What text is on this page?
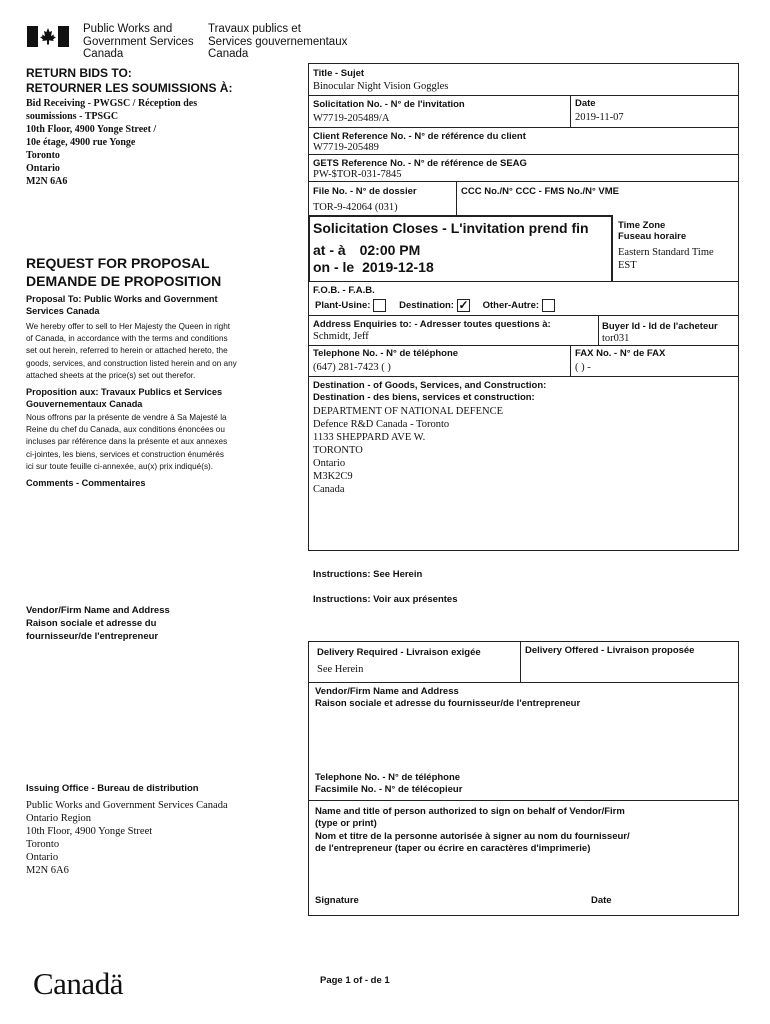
Public Works and
Government Services
Canada
Travaux publics et
Services gouvernementaux
Canada
RETURN BIDS TO:
RETOURNER LES SOUMISSIONS À:
Bid Receiving - PWGSC / Réception des
soumissions - TPSGC
10th Floor, 4900 Yonge Street /
10e étage, 4900 rue Yonge
Toronto
Ontario
M2N 6A6
REQUEST FOR PROPOSAL
DEMANDE DE PROPOSITION
Proposal To: Public Works and Government Services Canada
We hereby offer to sell to Her Majesty the Queen in right
of Canada, in accordance with the terms and conditions
set out herein, referred to herein or attached hereto, the
goods, services, and construction listed herein and on any
attached sheets at the price(s) set out therefor.
Proposition aux: Travaux Publics et Services Gouvernementaux Canada
Nous offrons par la présente de vendre à Sa Majesté la
Reine du chef du Canada, aux conditions énoncées ou
incluses par référence dans la présente et aux annexes
ci-jointes, les biens, services et construction énumérés
ici sur toute feuille ci-annexée, au(x) prix indiqué(s).
Comments - Commentaires
Vendor/Firm Name and Address
Raison sociale et adresse du
fournisseur/de l'entrepreneur
Issuing Office - Bureau de distribution
Public Works and Government Services Canada
Ontario Region
10th Floor, 4900 Yonge Street
Toronto
Ontario
M2N 6A6
Title - Sujet
Binocular Night Vision Goggles
Solicitation No. - N° de l'invitation
W7719-205489/A
Date
2019-11-07
Client Reference No. - N° de référence du client
W7719-205489
GETS Reference No. - N° de référence de SEAG
PW-$TOR-031-7845
File No. - N° de dossier
TOR-9-42064 (031)
CCC No./N° CCC - FMS No./N° VME
Solicitation Closes - L'invitation prend fin
at - à 02:00 PM
on - le 2019-12-18
Time Zone
Fuseau horaire
Eastern Standard Time
EST
F.O.B. - F.A.B.
Plant-Usine:	Destination: ✓ Other-Autre:
Address Enquiries to: - Adresser toutes questions à:
Schmidt, Jeff
Buyer Id - Id de l'acheteur
tor031
Telephone No. - N° de téléphone
(647) 281-7423 ( )
FAX No. - N° de FAX
( ) -
Destination - of Goods, Services, and Construction:
Destination - des biens, services et construction:
DEPARTMENT OF NATIONAL DEFENCE
Defence R&D Canada - Toronto
1133 SHEPPARD AVE W.
TORONTO
Ontario
M3K2C9
Canada
Instructions: See Herein
Instructions: Voir aux présentes
Delivery Required - Livraison exigée
See Herein
Delivery Offered - Livraison proposée
Vendor/Firm Name and Address
Raison sociale et adresse du fournisseur/de l'entrepreneur
Telephone No. - N° de téléphone
Facsimile No. - N° de télécopieur
Name and title of person authorized to sign on behalf of Vendor/Firm
(type or print)
Nom et titre de la personne autorisée à signer au nom du fournisseur/
de l'entrepreneur (taper ou écrire en caractères d'imprimerie)
Signature	Date
Canadä	Page 1 of - de 1
